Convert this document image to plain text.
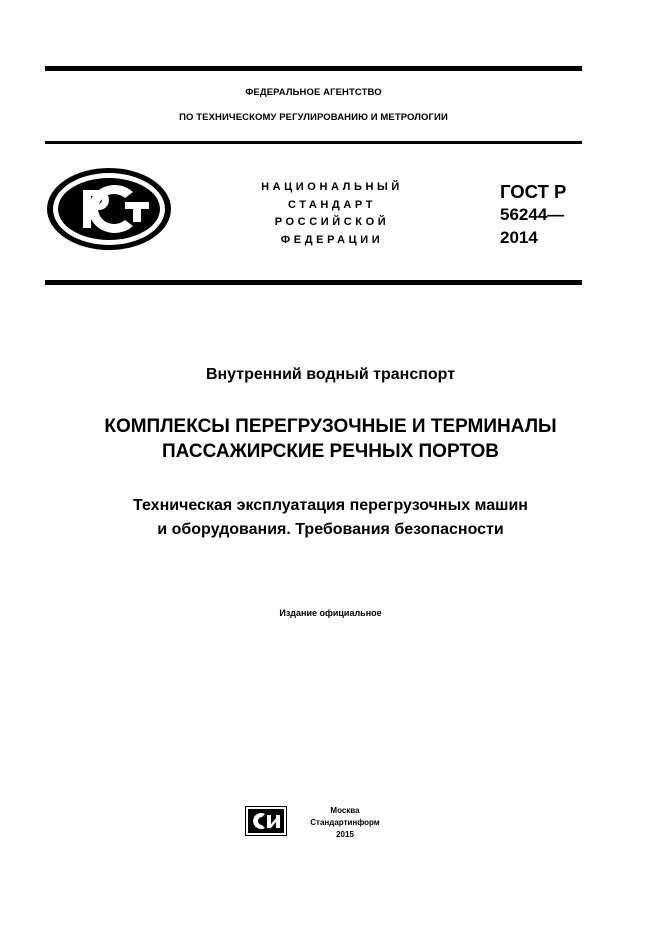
ФЕДЕРАЛЬНОЕ АГЕНТСТВО
ПО ТЕХНИЧЕСКОМУ РЕГУЛИРОВАНИЮ И МЕТРОЛОГИИ
НАЦИОНАЛЬНЫЙ
СТАНДАРТ
РОССИЙСКОЙ
ФЕДЕРАЦИИ
ГОСТ Р
56244—
2014
Внутренний водный транспорт
КОМПЛЕКСЫ ПЕРЕГРУЗОЧНЫЕ И ТЕРМИНАЛЫ
ПАССАЖИРСКИЕ РЕЧНЫХ ПОРТОВ
Техническая эксплуатация перегрузочных машин
и оборудования. Требования безопасности
Издание официальное
Москва
Стандартинформ
2015
